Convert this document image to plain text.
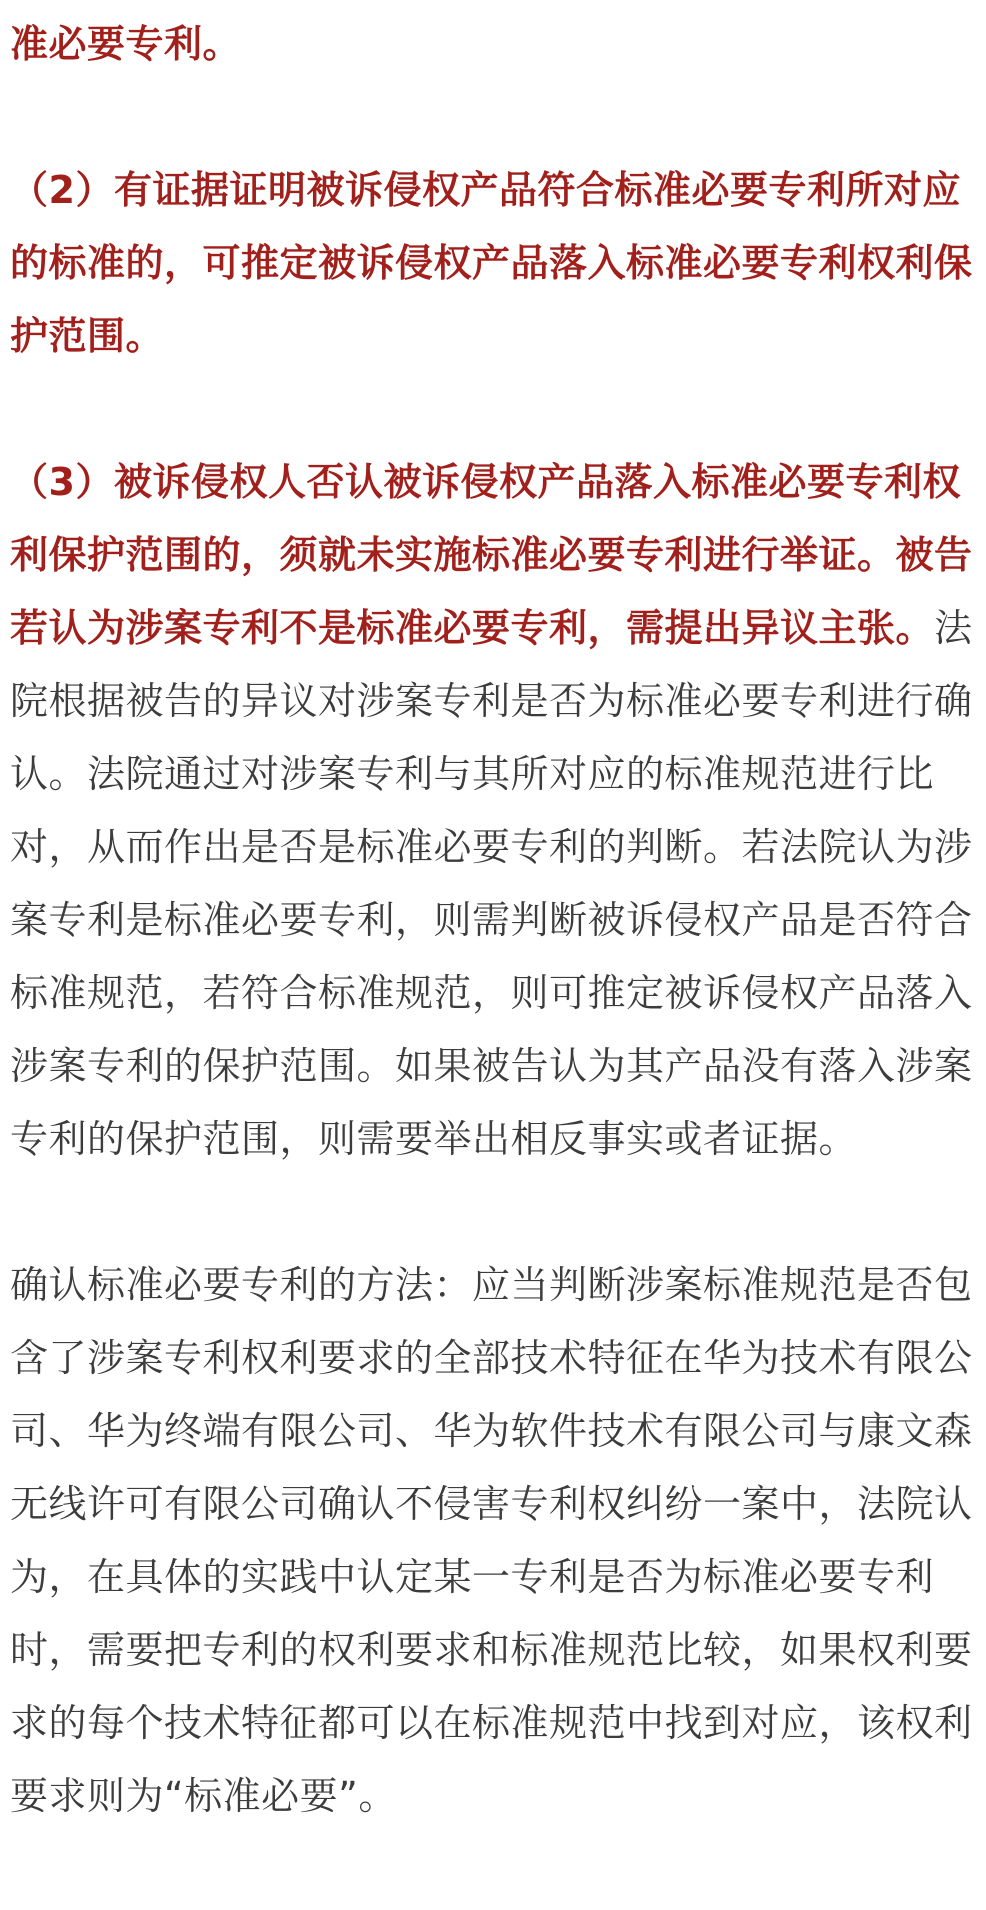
准必要专利。

（2）有证据证明被诉侵权产品符合标准必要专利所对应的标准的，可推定被诉侵权产品落入标准必要专利权利保护范围。

（3）被诉侵权人否认被诉侵权产品落入标准必要专利权利保护范围的，须就未实施标准必要专利进行举证。被告若认为涉案专利不是标准必要专利，需提出异议主张。法院根据被告的异议对涉案专利是否为标准必要专利进行确认。法院通过对涉案专利与其所对应的标准规范进行比对，从而作出是否是标准必要专利的判断。若法院认为涉案专利是标准必要专利，则需判断被诉侵权产品是否符合标准规范，若符合标准规范，则可推定被诉侵权产品落入涉案专利的保护范围。如果被告认为其产品没有落入涉案专利的保护范围，则需要举出相反事实或者证据。

确认标准必要专利的方法：应当判断涉案标准规范是否包含了涉案专利权利要求的全部技术特征在华为技术有限公司、华为终端有限公司、华为软件技术有限公司与康文森无线许可有限公司确认不侵害专利权纠纷一案中，法院认为，在具体的实践中认定某一专利是否为标准必要专利时，需要把专利的权利要求和标准规范比较，如果权利要求的每个技术特征都可以在标准规范中找到对应，该权利要求则为“标准必要”。
